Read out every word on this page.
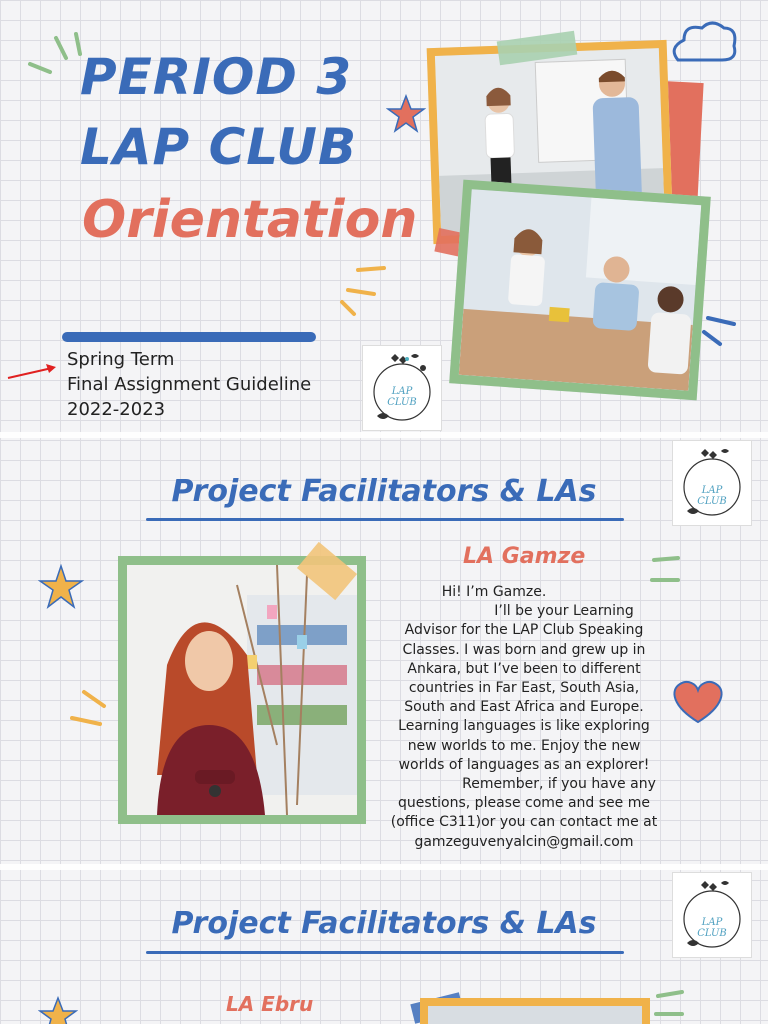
PERIOD 3
LAP CLUB
Orientation
Spring Term
Final Assignment Guideline
2022-2023
LAP CLUB
Project Facilitators & LAs	LAP CLUB
LA Gamze
Hi! I’m Gamze.
I’ll be your Learning
Advisor for the LAP Club Speaking
Classes. I was born and grew up in
Ankara, but I’ve been to different
countries in Far East, South Asia,
South and East Africa and Europe.
Learning languages is like exploring
new worlds to me. Enjoy the new
worlds of languages as an explorer!
Remember, if you have any
questions, please come and see me
(office C311)or you can contact me at
gamzeguvenyalcin@gmail.com
Project Facilitators & LAs	LAP CLUB
LA Ebru
